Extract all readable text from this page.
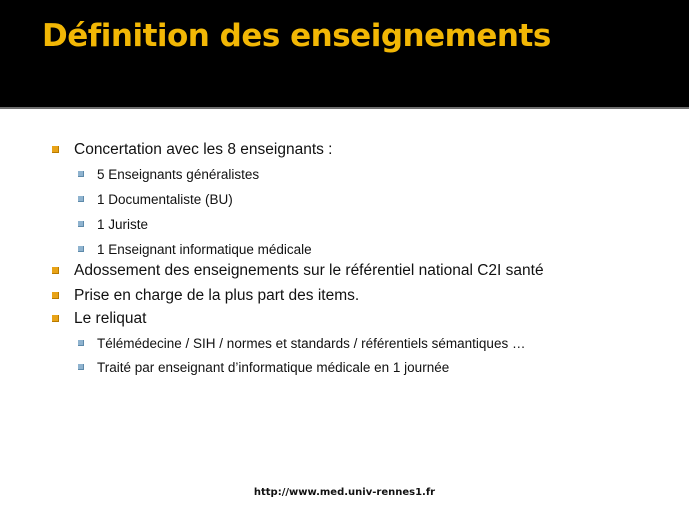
Définition des enseignements
Concertation avec les 8 enseignants :
5 Enseignants généralistes
1 Documentaliste (BU)
1 Juriste
1 Enseignant informatique médicale
Adossement des enseignements sur le référentiel national C2I santé
Prise en charge de la plus part des items.
Le reliquat
Télémédecine / SIH / normes et standards / référentiels sémantiques …
Traité par enseignant d’informatique médicale en 1 journée
http://www.med.univ-rennes1.fr
